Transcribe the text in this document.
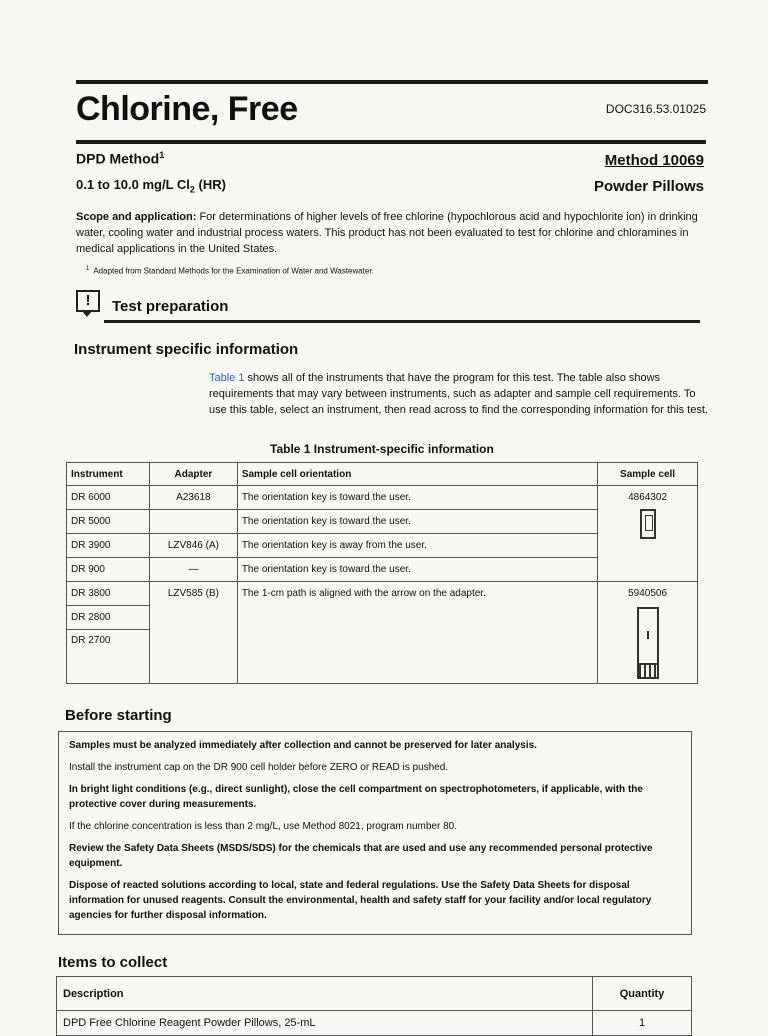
Chlorine, Free	DOC316.53.01025
DPD Method$^1$
0.1 to 10.0 mg/L $Cl_2$ (HR)
Method 10069
Powder Pillows
Scope and application: For determinations of higher levels of free chlorine (hypochlorous acid and hypochlorite ion) in drinking water, cooling water and industrial process waters. This product has not been evaluated to test for chlorine and chloramines in medical applications in the United States.
$^1$ Adapted from Standard Methods for the Examination of Water and Wastewater.
!	Test preparation
Instrument specific information
Table 1 shows all of the instruments that have the program for this test. The table also shows requirements that may vary between instruments, such as adapter and sample cell requirements. To use this table, select an instrument, then read across to find the corresponding information for this test.
Table 1 Instrument-specific information
Instrument	Adapter	Sample cell orientation	Sample cell
DR 6000	A23618	The orientation key is toward the user.	4864302

DR 5000		The orientation key is toward the user.	
DR 3900	LZV846 (A)	The orientation key is away from the user.	
DR 900	—	The orientation key is toward the user.	
DR 3800	LZV585 (B)	The 1-cm path is aligned with the arrow on the adapter.	5940506

DR 2800			
DR 2700			
Before starting

Samples must be analyzed immediately after collection and cannot be preserved for later analysis.

Install the instrument cap on the DR 900 cell holder before ZERO or READ is pushed.

In bright light conditions (e.g., direct sunlight), close the cell compartment on spectrophotometers, if applicable, with the protective cover during measurements.

If the chlorine concentration is less than 2 mg/L, use Method 8021, program number 80.

Review the Safety Data Sheets (MSDS/SDS) for the chemicals that are used and use any recommended personal protective equipment.

Dispose of reacted solutions according to local, state and federal regulations. Use the Safety Data Sheets for disposal information for unused reagents. Consult the environmental, health and safety staff for your facility and/or local regulatory agencies for further disposal information.

Items to collect
Description	Quantity
DPD Free Chlorine Reagent Powder Pillows, 25-mL	1
